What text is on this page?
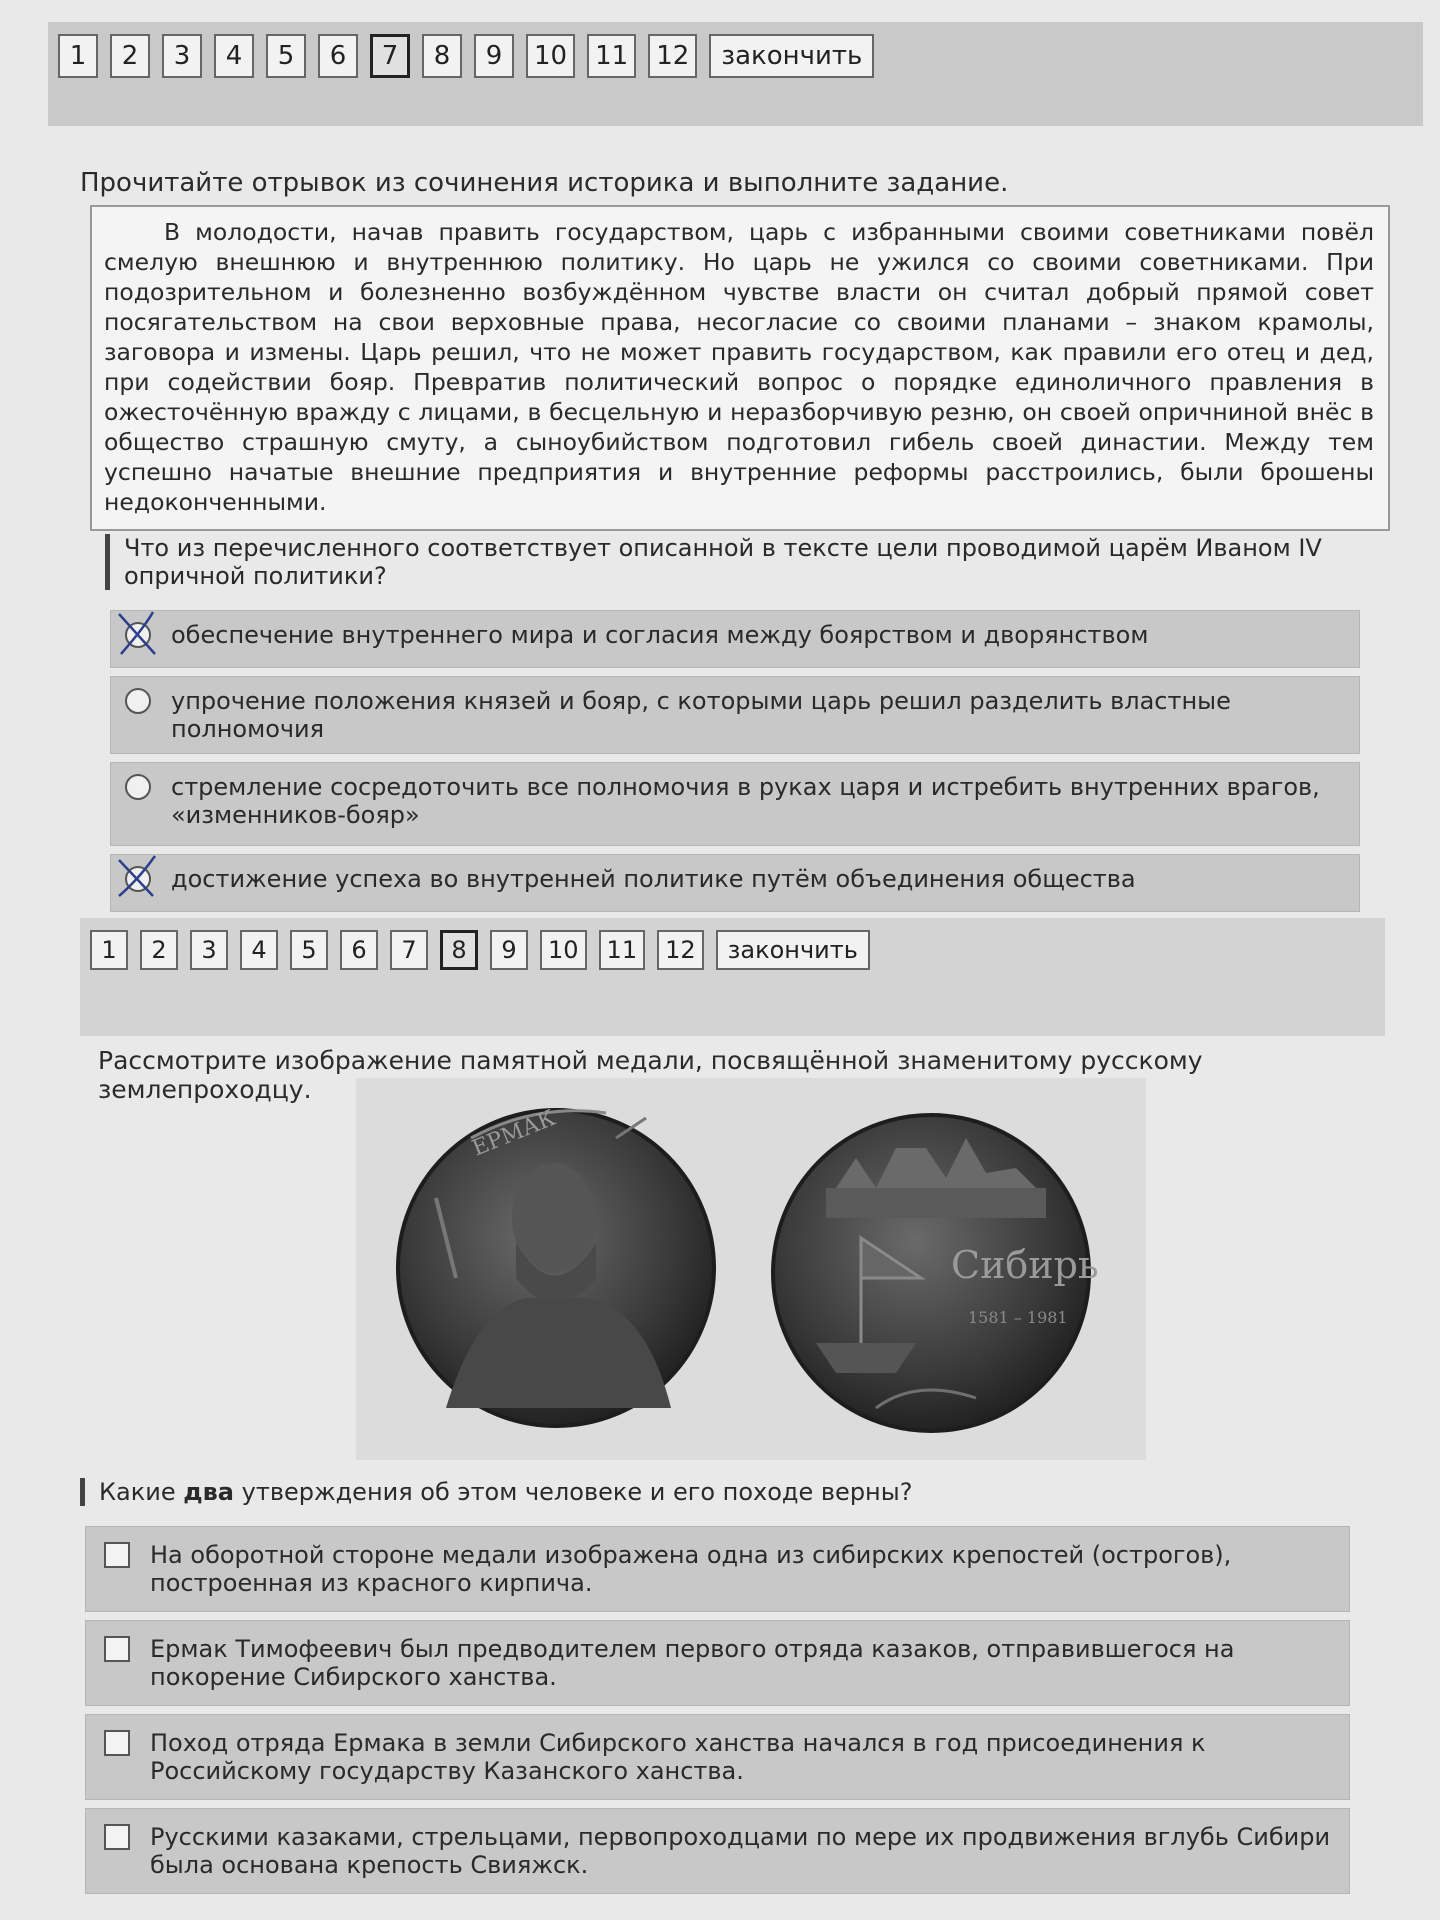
1	2	3	4	5	6	7	8	9	10	11	12	закончить
Прочитайте отрывок из сочинения историка и выполните задание.
В молодости, начав править государством, царь с избранными своими советниками повёл смелую внешнюю и внутреннюю политику. Но царь не ужился со своими советниками. При подозрительном и болезненно возбуждённом чувстве власти он считал добрый прямой совет посягательством на свои верховные права, несогласие со своими планами – знаком крамолы, заговора и измены. Царь решил, что не может править государством, как правили его отец и дед, при содействии бояр. Превратив политический вопрос о порядке единоличного правления в ожесточённую вражду с лицами, в бесцельную и неразборчивую резню, он своей опричниной внёс в общество страшную смуту, а сыноубийством подготовил гибель своей династии. Между тем успешно начатые внешние предприятия и внутренние реформы расстроились, были брошены недоконченными.
Что из перечисленного соответствует описанной в тексте цели проводимой царём Иваном IV опричной политики?
обеспечение внутреннего мира и согласия между боярством и дворянством
упрочение положения князей и бояр, с которыми царь решил разделить властные полномочия
стремление сосредоточить все полномочия в руках царя и истребить внутренних врагов, «изменников-бояр»
достижение успеха во внутренней политике путём объединения общества
1	2	3	4	5	6	7	8	9	10	11	12	закончить
Рассмотрите изображение памятной медали, посвящённой знаменитому русскому землепроходцу.
ЕРМАК
Сибирь
1581 – 1981
Какие два утверждения об этом человеке и его походе верны?
На оборотной стороне медали изображена одна из сибирских крепостей (острогов), построенная из красного кирпича.
Ермак Тимофеевич был предводителем первого отряда казаков, отправившегося на покорение Сибирского ханства.
Поход отряда Ермака в земли Сибирского ханства начался в год присоединения к Российскому государству Казанского ханства.
Русскими казаками, стрельцами, первопроходцами по мере их продвижения вглубь Сибири была основана крепость Свияжск.
